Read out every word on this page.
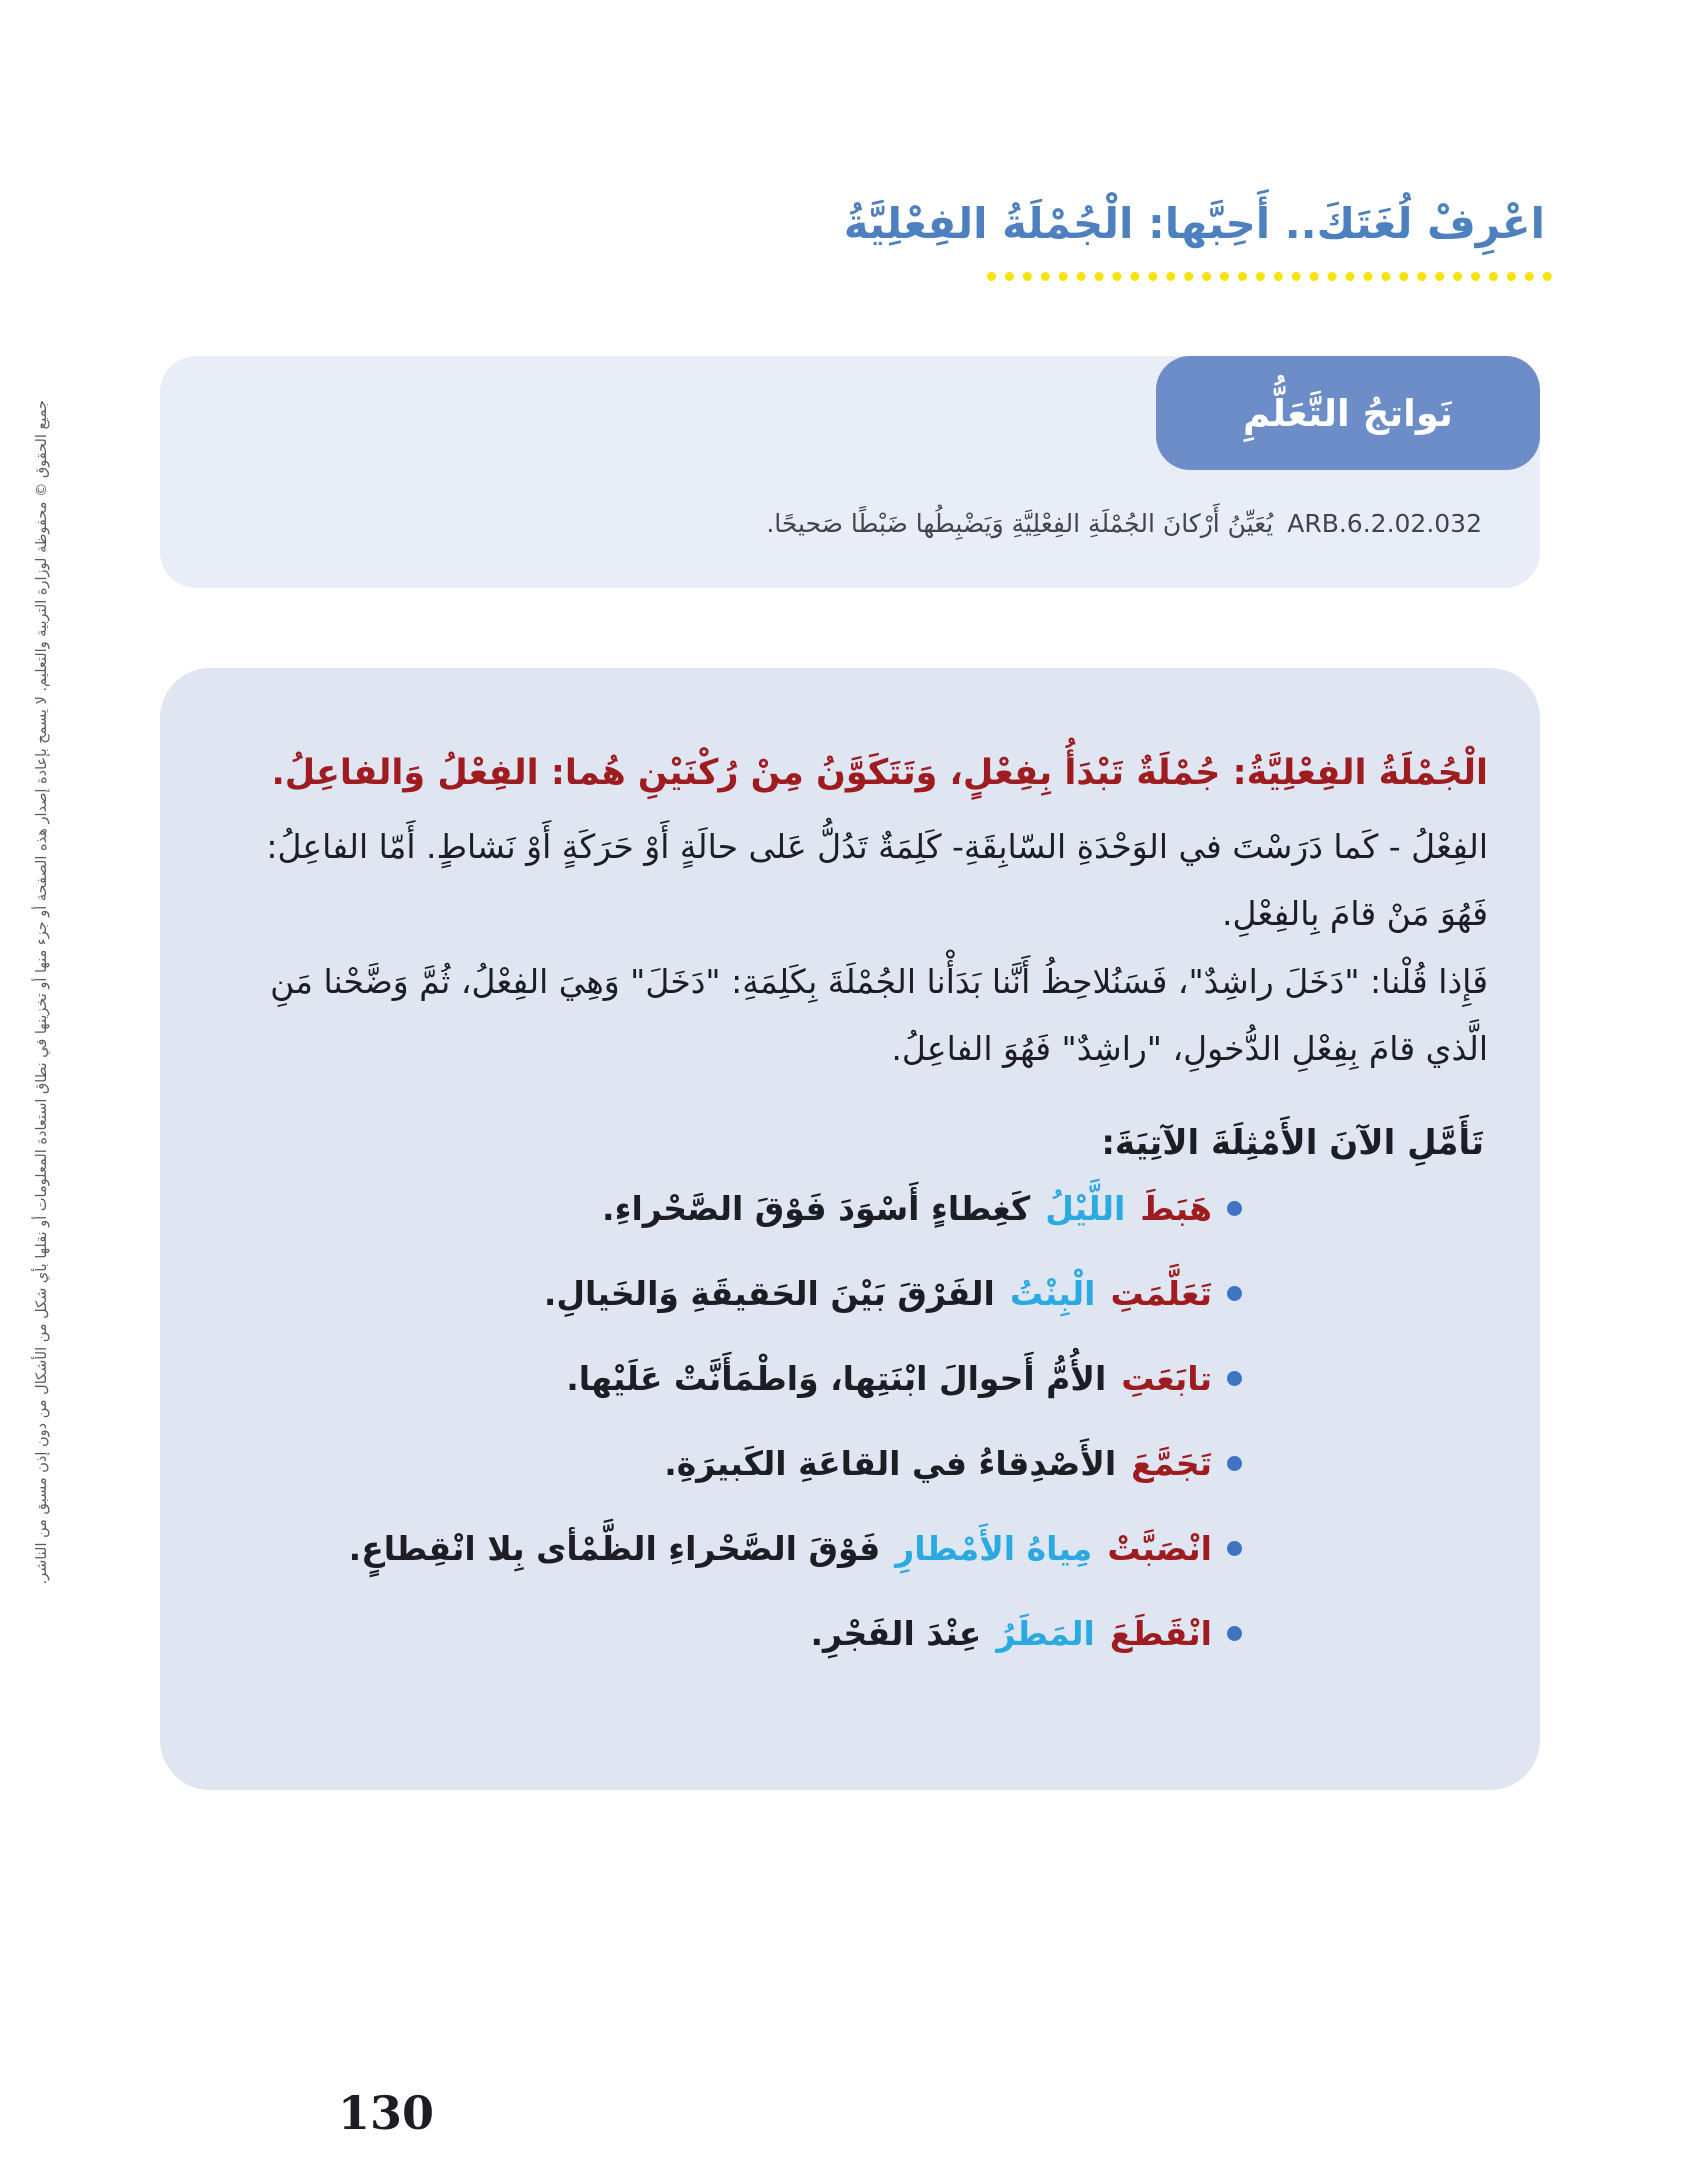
جميع الحقوق © محفوظة لوزارة التربية والتعليم. لا يسمح بإعادة إصدار هذه الصفحة أو جزء منها أو تخزينها في نطاق استعادة المعلومات أو نقلها بأي شكل من الأشكال من دون إذن مسبق من الناشر.
اعْرِفْ لُغَتَكَ.. أَحِبَّها: الْجُمْلَةُ الفِعْلِيَّةُ
نَواتجُ التَّعَلُّمِ

ARB.6.2.02.032 يُعَيِّنُ أَرْكانَ الجُمْلَةِ الفِعْلِيَّةِ وَيَضْبِطُها ضَبْطًا صَحيحًا.

الْجُمْلَةُ الفِعْلِيَّةُ: جُمْلَةٌ تَبْدَأُ بِفِعْلٍ، وَتَتَكَوَّنُ مِنْ رُكْنَيْنِ هُما: الفِعْلُ وَالفاعِلُ.

الفِعْلُ - كَما دَرَسْتَ في الوَحْدَةِ السّابِقَةِ- كَلِمَةٌ تَدُلُّ عَلى حالَةٍ أَوْ حَرَكَةٍ أَوْ نَشاطٍ. أَمّا الفاعِلُ: فَهُوَ مَنْ قامَ بِالفِعْلِ.

فَإِذا قُلْنا: "دَخَلَ راشِدٌ"، فَسَنُلاحِظُ أَنَّنا بَدَأْنا الجُمْلَةَ بِكَلِمَةِ: "دَخَلَ" وَهِيَ الفِعْلُ، ثُمَّ وَضَّحْنا مَنِ الَّذي قامَ بِفِعْلِ الدُّخولِ، "راشِدٌ" فَهُوَ الفاعِلُ.

تَأَمَّلِ الآنَ الأَمْثِلَةَ الآتِيَةَ:

هَبَطَ
اللَّيْلُ
كَغِطاءٍ أَسْوَدَ فَوْقَ الصَّحْراءِ.
تَعَلَّمَتِ
الْبِنْتُ
الفَرْقَ بَيْنَ الحَقيقَةِ وَالخَيالِ.
تابَعَتِ
الأُمُّ أَحوالَ ابْنَتِها، وَاطْمَأَنَّتْ عَلَيْها.
تَجَمَّعَ
الأَصْدِقاءُ في القاعَةِ الكَبيرَةِ.
انْصَبَّتْ
مِياهُ الأَمْطارِ
فَوْقَ الصَّحْراءِ الظَّمْأى بِلا انْقِطاعٍ.
انْقَطَعَ
المَطَرُ
عِنْدَ الفَجْرِ.
130
